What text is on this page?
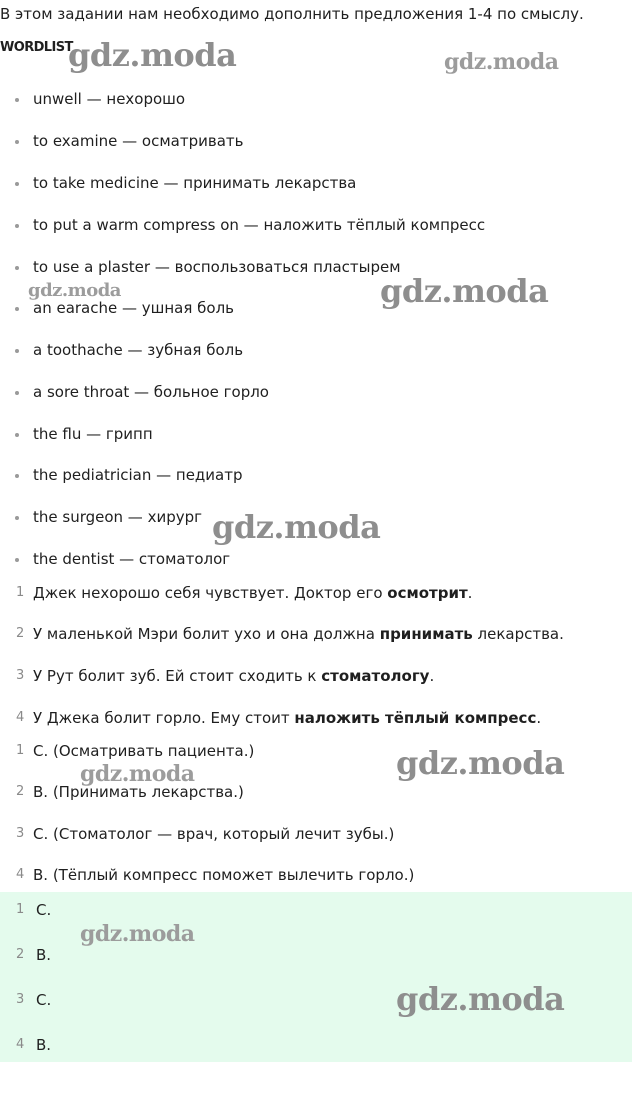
В этом задании нам необходимо дополнить предложения 1-4 по смыслу.
WORDLIST
unwell — нехорошо
to examine — осматривать
to take medicine — принимать лекарства
to put a warm compress on — наложить тёплый компресс
to use a plaster — воспользоваться пластырем
an earache — ушная боль
a toothache — зубная боль
a sore throat — больное горло
the flu — грипп
the pediatrician — педиатр
the surgeon — хирург
the dentist — стоматолог
1 Джек нехорошо себя чувствует. Доктор его осмотрит.
2 У маленькой Мэри болит ухо и она должна принимать лекарства.
3 У Рут болит зуб. Ей стоит сходить к стоматологу.
4 У Джека болит горло. Ему стоит наложить тёплый компресс.
1 C. (Осматривать пациента.)
2 B. (Принимать лекарства.)
3 C. (Стоматолог — врач, который лечит зубы.)
4 B. (Тёплый компресс поможет вылечить горло.)
1 C.
2 B.
3 C.
4 B.
gdz.moda	gdz.moda
gdz.moda	gdz.moda
gdz.moda
gdz.moda	gdz.moda
gdz.moda
gdz.moda
